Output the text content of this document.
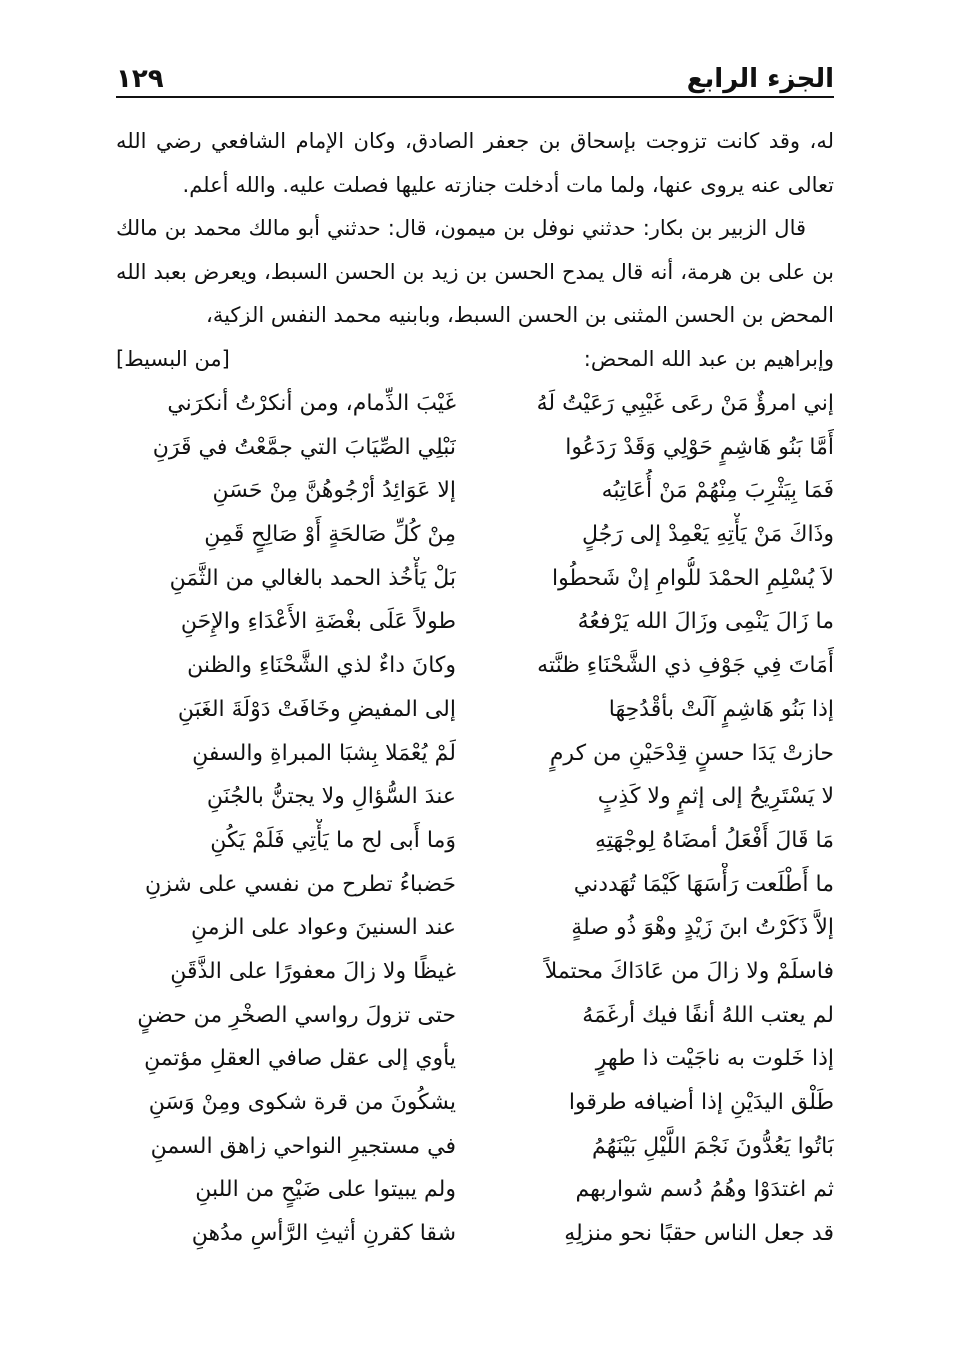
الجزء الرابع
١٢٩

له، وقد كانت تزوجت بإسحاق بن جعفر الصادق، وكان الإمام الشافعي رضي الله تعالى عنه يروى عنها، ولما مات أدخلت جنازته عليها فصلت عليه. والله أعلم.

قال الزبير بن بكار: حدثني نوفل بن ميمون، قال: حدثني أبو مالك محمد بن مالك بن على بن هرمة، أنه قال يمدح الحسن بن زيد بن الحسن السبط، ويعرض بعبد الله المحض بن الحسن المثنى بن الحسن السبط، وبابنيه محمد النفس الزكية،

وإبراهيم بن عبد الله المحض:
[من البسيط]

إني امرؤٌ مَنْ رعَى غَيْبِي رَعَيْتُ لَهُ
غَيْبَ الذِّمام، ومن أنكرْتُ أنكرَني
أَمَّا بَنُو هَاشِمٍ حَوْلِي وَقَدْ رَدَعُوا
نَبْلِي الصِّيَابَ التي جمَّعْتُ في قَرَنِ
فَمَا بِيَثْرِبَ مِنْهُمْ مَنْ أُعَاتِبُه
إلا عَوَائِدُ أرْجُوهُنَّ مِنْ حَسَنِ
وذَاكَ مَنْ يَأْتِهِ يَعْمِدْ إلى رَجُلٍ
مِنْ كُلِّ صَالحَةٍ أَوْ صَالِحٍ قَمِنِ
لاَ يُسْلِمِ الحمْدَ للُّوامِ إنْ شَحطُوا
بَلْ يَأْخُذ الحمد بالغالي من الثَّمَنِ
ما زَالَ يَنْمِى وزَالَ الله يَرْفعُهُ
طولاً عَلَى بغْضَةِ الأَعْدَاءِ والإِحَنِ
أَمَاتَ فِي جَوْفِ ذي الشَّحْنَاءِ ظنَّته
وكانَ داءٌ لذي الشَّحْنَاءِ والظنن
إذا بَنُو هَاشِمٍ آلَتْ بأقْدُحِهَا
إلى المفيضِ وخَافَتْ دَوْلَةَ الغَبَنِ
حازتْ يَدَا حسنٍ قِدْحَيْنِ من كرمٍ
لَمْ يُعْمَلا بِشبَا المبراةِ والسفنِ
لا يَسْتَرِيحُ إلى إثمٍ ولا كَذِبٍ
عندَ السُّؤالِ ولا يجتنُّ بالجُنَنِ
مَا قَالَ أَفْعَلُ أمضَاهُ لِوجْهَتِهِ
وَما أَبى لح ما يَأْتِي فَلَمْ يَكُنِ
ما أَطْلَعت رَأْسَهَا كَيْمَا تُهَددني
حَضباءُ تطرح من نفسي على شزنِ
إلاَّ ذَكَرْتُ ابنَ زَيْدٍ وهْوَ ذُو صلةٍ
عند السنينَ وعواد على الزمنِ
فاسلَمْ ولا زالَ من عَادَاكَ محتملاً
غيظًا ولا زالَ معفورًا على الذَّقَنِ
لم يعتب اللهُ أنفًا فيك أرغَمَهُ
حتى تزولَ رواسي الصخْرِ من حضنٍ
إذا خَلوت به ناجَيْت ذا طهرٍ
يأوي إلى عقل صافي العقلِ مؤتمنِ
طَلْق اليدَيْنِ إذا أضيافه طرقوا
يشكُونَ من قرة شكوى ومِنْ وَسَنِ
بَاتُوا يَعُدُّونَ نَجْمَ اللَّيْلِ بَيْنَهُمُ
في مستجيرِ النواحي زاهق السمنِ
ثم اغتدَوْا وهُمُ دُسم شواربهم
ولم يبيتوا على ضَيْحٍ من اللبنِ
قد جعل الناس حقبًا نحو منزلِهِ
شقا كقرنِ أثيثِ الرَّأسِ مدُهنِ
